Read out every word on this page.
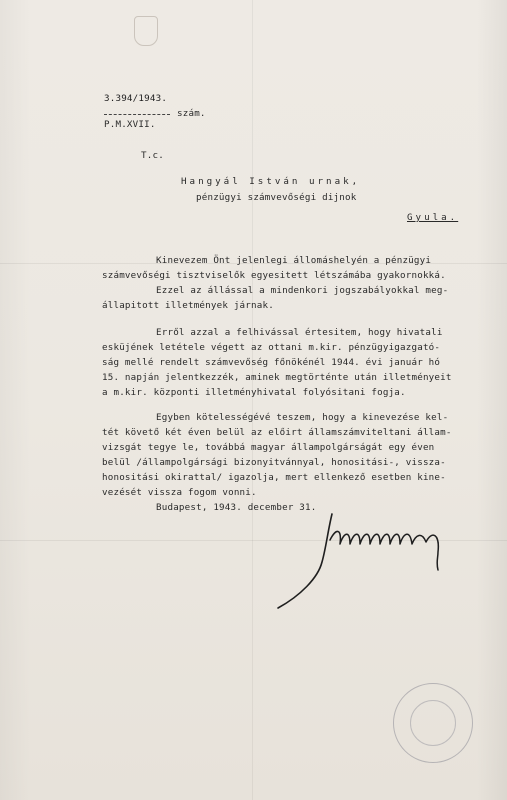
3.394/1943.
szám.
P.M.XVII.
T.c.
Hangyál István urnak,
pénzügyi számvevőségi dijnok
Gyula.
Kinevezem Önt jelenlegi állomáshelyén a pénzügyi
számvevőségi tisztviselők egyesitett létszámába gyakornokká.
Ezzel az állással a mindenkori jogszabályokkal meg-
állapitott illetmények járnak.
Erről azzal a felhivással értesitem, hogy hivatali
esküjének letétele végett az ottani m.kir. pénzügyigazgató-
ság mellé rendelt számvevőség főnökénél 1944. évi január hó
15. napján jelentkezzék, aminek megtörténte után illetményeit
a m.kir. központi illetményhivatal folyósitani fogja.
Egyben kötelességévé teszem, hogy a kinevezése kel-
tét követő két éven belül az előirt államszámviteltani állam-
vizsgát tegye le, továbbá magyar állampolgárságát egy éven
belül /állampolgársági bizonyitvánnyal, honositási-, vissza-
honositási okirattal/ igazolja, mert ellenkező esetben kine-
vezését vissza fogom vonni.
Budapest, 1943. december 31.
